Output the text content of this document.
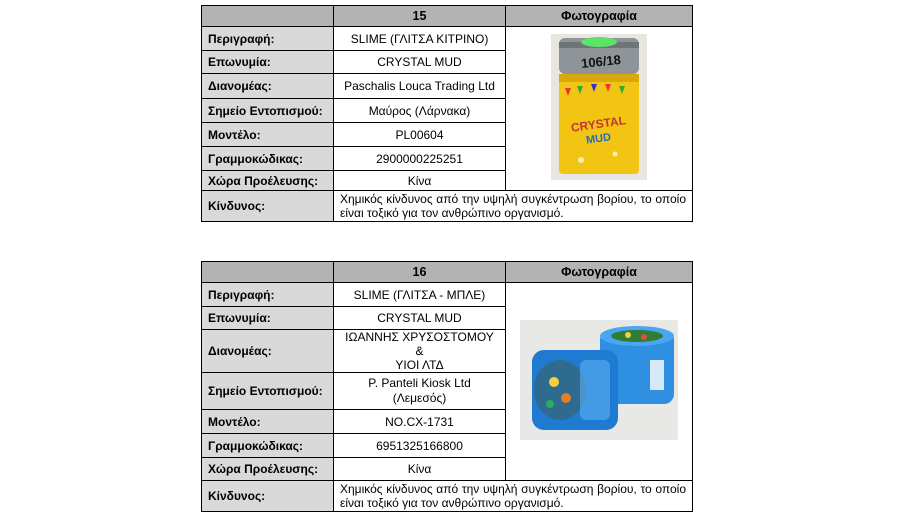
	15	Φωτογραφία
Περιγραφή:	SLIME (ΓΛΙΤΣΑ ΚΙΤΡΙΝΟ)	106/18
CRYSTAL
MUD

Επωνυμία:	CRYSTAL MUD	
Διανομέας:	Paschalis Louca Trading Ltd	
Σημείο Εντοπισμού:	Μαύρος (Λάρνακα)	
Μοντέλο:	PL00604	
Γραμμοκώδικας:	2900000225251	
Χώρα Προέλευσης:	Κίνα	
Κίνδυνος:	Χημικός κίνδυνος από την υψηλή συγκέντρωση βορίου, το οποίο είναι τοξικό για τον ανθρώπινο οργανισμό.	
	16	Φωτογραφία
Περιγραφή:	SLIME (ΓΛΙΤΣΑ - ΜΠΛΕ)	
Επωνυμία:	CRYSTAL MUD	
Διανομέας:	ΙΩΑΝΝΗΣ ΧΡΥΣΟΣΤΟΜΟΥ &
ΥΙΟΙ ΛΤΔ	

Σημείο Εντοπισμού:	P. Panteli Kiosk Ltd
(Λεμεσός)	

Μοντέλο:	NO.CX-1731	
Γραμμοκώδικας:	6951325166800	
Χώρα Προέλευσης:	Κίνα	
Κίνδυνος:	Χημικός κίνδυνος από την υψηλή συγκέντρωση βορίου, το οποίο είναι τοξικό για τον ανθρώπινο οργανισμό.	
